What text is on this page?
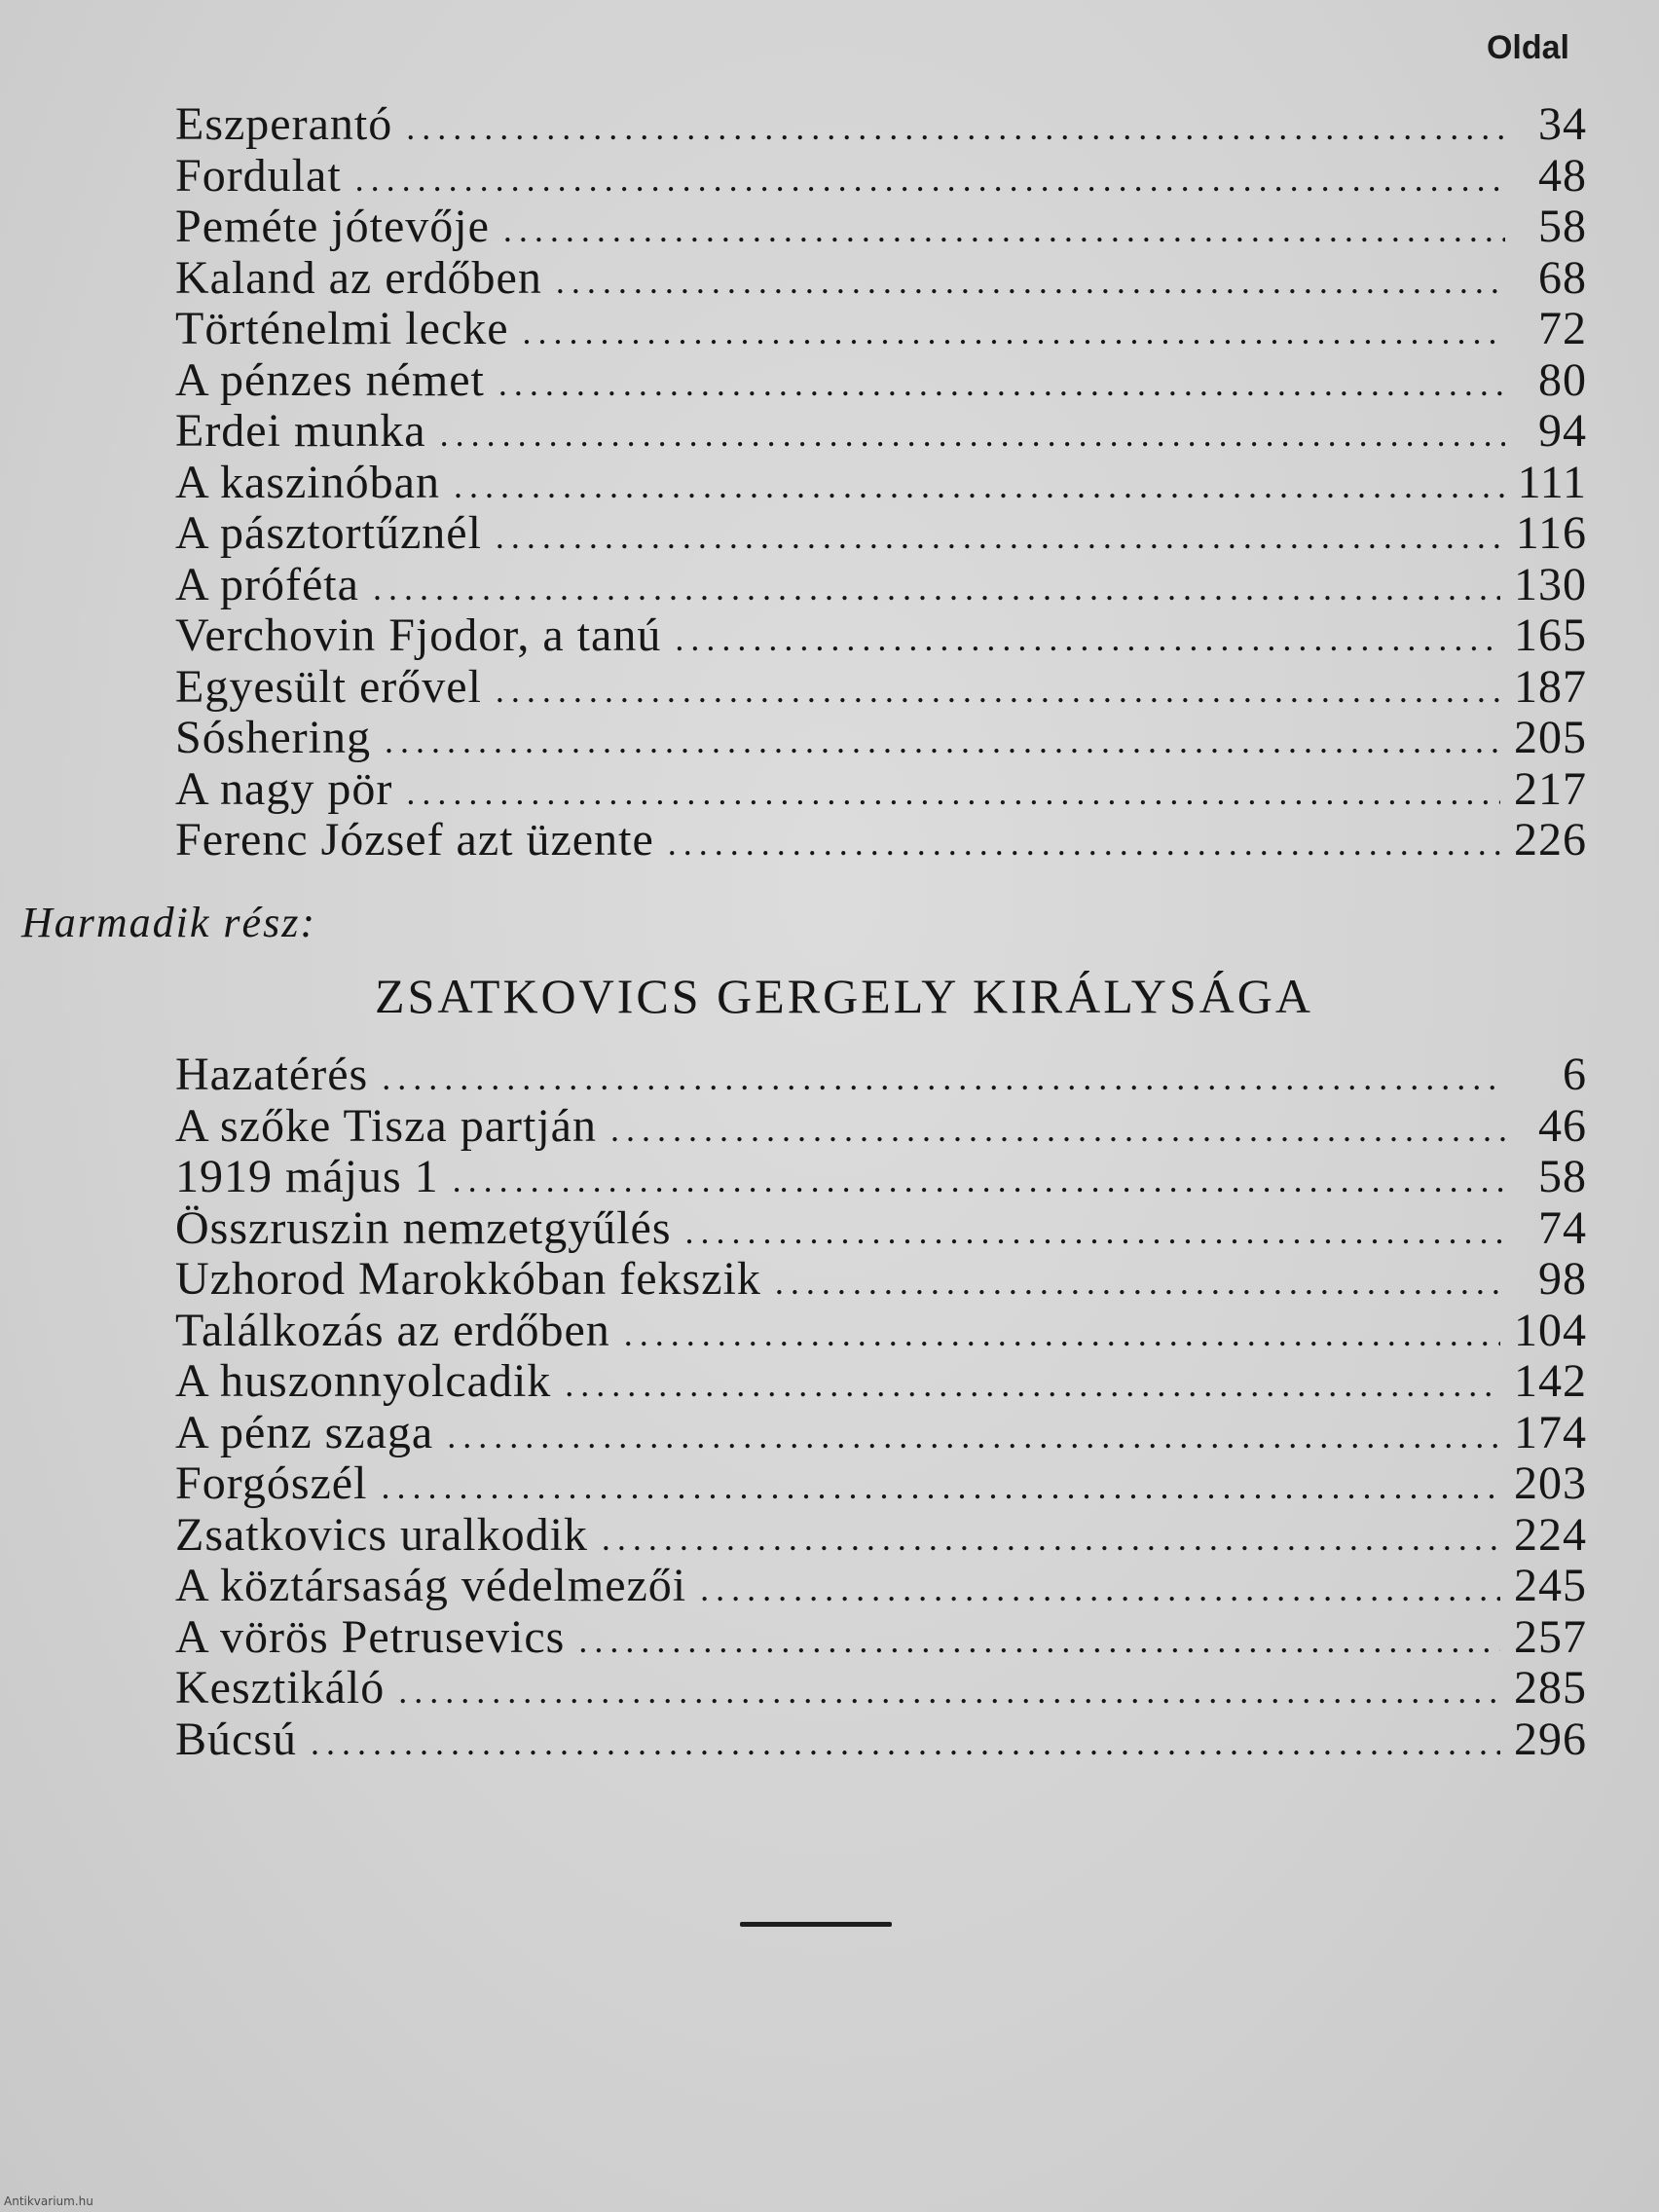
Oldal
Eszperantó .....	34
Fordulat .....	48
Peméte jótevője .....	58
Kaland az erdőben .....	68
Történelmi lecke .....	72
A pénzes német .....	80
Erdei munka .....	94
A kaszinóban .....	111
A pásztortűznél .....	116
A próféta .....	130
Verchovin Fjodor, a tanú .....	165
Egyesült erővel .....	187
Sóshering .....	205
A nagy pör .....	217
Ferenc József azt üzente .....	226
Harmadik rész:
ZSATKOVICS GERGELY KIRÁLYSÁGA
Hazatérés .....	6
A szőke Tisza partján .....	46
1919 május 1 .....	58
Összruszin nemzetgyűlés .....	74
Uzhorod Marokkóban fekszik .....	98
Találkozás az erdőben .....	104
A huszonnyolcadik .....	142
A pénz szaga .....	174
Forgószél .....	203
Zsatkovics uralkodik .....	224
A köztársaság védelmezői .....	245
A vörös Petrusevics .....	257
Kesztikáló .....	285
Búcsú .....	296
Antikvarium.hu
